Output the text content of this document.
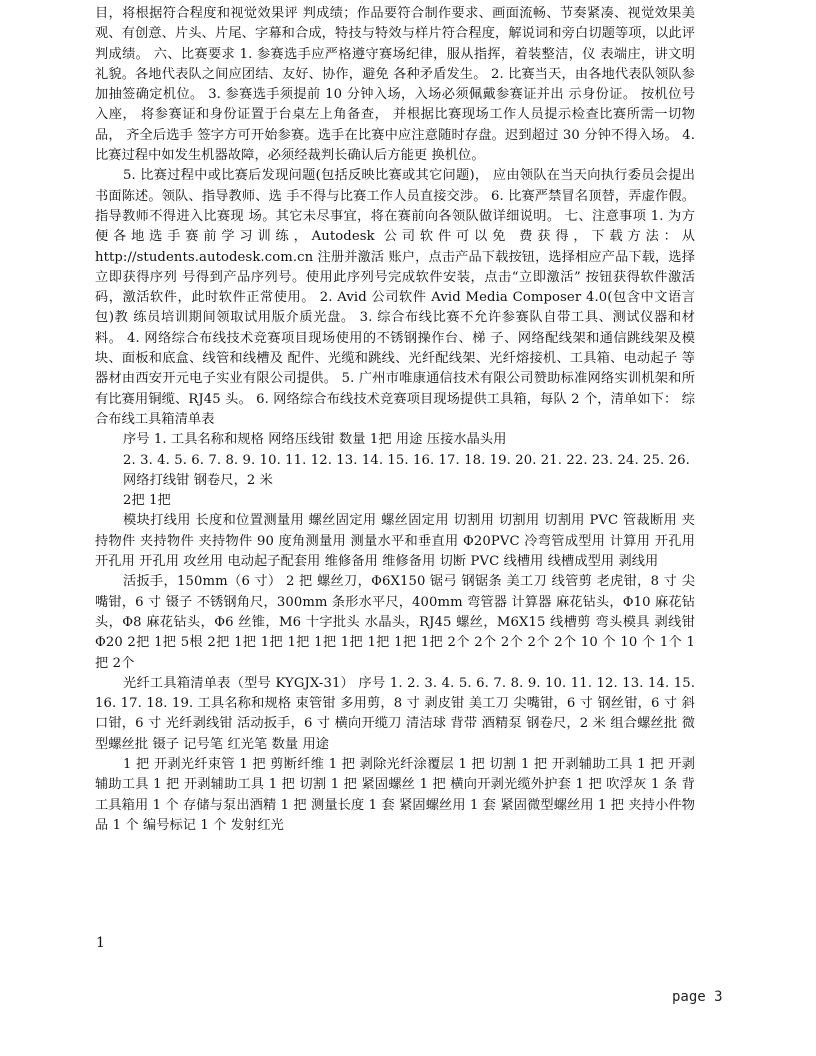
目，将根据符合程度和视觉效果评 判成绩；作品要符合制作要求、画面流畅、节奏紧凑、视觉效果美 观、有创意、片头、片尾、字幕和合成，特技与特效与样片符合程度，解说词和旁白切题等项，以此评判成绩。 六、比赛要求 1. 参赛选手应严格遵守赛场纪律，服从指挥，着装整洁，仪 表端庄，讲文明礼貌。各地代表队之间应团结、友好、协作，避免 各种矛盾发生。 2. 比赛当天，由各地代表队领队参加抽签确定机位。 3. 参赛选手须提前 10 分钟入场，入场必须佩戴参赛证并出 示身份证。 按机位号入座， 将参赛证和身份证置于台桌左上角备查， 并根据比赛现场工作人员提示检查比赛所需一切物品， 齐全后选手 签字方可开始参赛。选手在比赛中应注意随时存盘。迟到超过 30 分钟不得入场。 4. 比赛过程中如发生机器故障，必须经裁判长确认后方能更 换机位。

5. 比赛过程中或比赛后发现问题(包括反映比赛或其它问题)， 应由领队在当天向执行委员会提出书面陈述。领队、指导教师、选 手不得与比赛工作人员直接交涉。 6. 比赛严禁冒名顶替，弄虚作假。指导教师不得进入比赛现 场。其它未尽事宜，将在赛前向各领队做详细说明。 七、注意事项 1. 为方便各地选手赛前学习训练，Autodesk 公司软件可以免 费获得，下载方法：从 http://students.autodesk.com.cn 注册并激活 账户，点击产品下载按钮，选择相应产品下载，选择立即获得序列 号得到产品序列号。使用此序列号完成软件安装，点击“立即激活” 按钮获得软件激活码，激活软件，此时软件正常使用。 2. Avid 公司软件 Avid Media Composer 4.0(包含中文语言包)教 练员培训期间领取试用版介质光盘。 3. 综合布线比赛不允许参赛队自带工具、测试仪器和材料。 4. 网络综合布线技术竞赛项目现场使用的不锈钢操作台、梯 子、网络配线架和通信跳线架及模块、面板和底盒、线管和线槽及 配件、光缆和跳线、光纤配线架、光纤熔接机、工具箱、电动起子 等器材由西安开元电子实业有限公司提供。 5. 广州市唯康通信技术有限公司赞助标准网络实训机架和所 有比赛用铜缆、RJ45 头。 6. 网络综合布线技术竞赛项目现场提供工具箱，每队 2 个，清单如下： 综合布线工具箱清单表

序号 1. 工具名称和规格 网络压线钳 数量 1把 用途 压接水晶头用

2. 3. 4. 5. 6. 7. 8. 9. 10. 11. 12. 13. 14. 15. 16. 17. 18. 19. 20. 21. 22. 23. 24. 25. 26.

网络打线钳 钢卷尺，2 米

2把 1把

模块打线用 长度和位置测量用 螺丝固定用 螺丝固定用 切割用 切割用 切割用 PVC 管裁断用 夹持物件 夹持物件 夹持物件 90 度角测量用 测量水平和垂直用 Φ20PVC 冷弯管成型用 计算用 开孔用 开孔用 开孔用 攻丝用 电动起子配套用 维修备用 维修备用 切断 PVC 线槽用 线槽成型用 剥线用

活扳手，150mm（6 寸） 2 把 螺丝刀，Φ6X150 锯弓 钢锯条 美工刀 线管剪 老虎钳，8 寸 尖嘴钳，6 寸 镊子 不锈钢角尺，300mm 条形水平尺，400mm 弯管器 计算器 麻花钻头，Φ10 麻花钻头，Φ8 麻花钻头，Φ6 丝锥，M6 十字批头 水晶头，RJ45 螺丝，M6X15 线槽剪 弯头模具 剥线钳 Φ20 2把 1把 5根 2把 1把 1把 1把 1把 1把 1把 1把 1把 2个 2个 2个 2个 2个 10 个 10 个 1个 1把 2个

光纤工具箱清单表（型号 KYGJX-31） 序号 1. 2. 3. 4. 5. 6. 7. 8. 9. 10. 11. 12. 13. 14. 15. 16. 17. 18. 19. 工具名称和规格 束管钳 多用剪，8 寸 剥皮钳 美工刀 尖嘴钳，6 寸 钢丝钳，6 寸 斜口钳，6 寸 光纤剥线钳 活动扳手，6 寸 横向开缆刀 清洁球 背带 酒精泵 钢卷尺，2 米 组合螺丝批 微型螺丝批 镊子 记号笔 红光笔 数量 用途

1 把 开剥光纤束管 1 把 剪断纤维 1 把 剥除光纤涂覆层 1 把 切割 1 把 开剥辅助工具 1 把 开剥辅助工具 1 把 开剥辅助工具 1 把 切割 1 把 紧固螺丝 1 把 横向开剥光缆外护套 1 把 吹浮灰 1 条 背工具箱用 1 个 存储与泵出酒精 1 把 测量长度 1 套 紧固螺丝用 1 套 紧固微型螺丝用 1 把 夹持小件物品 1 个 编号标记 1 个 发射红光

1
page 3
